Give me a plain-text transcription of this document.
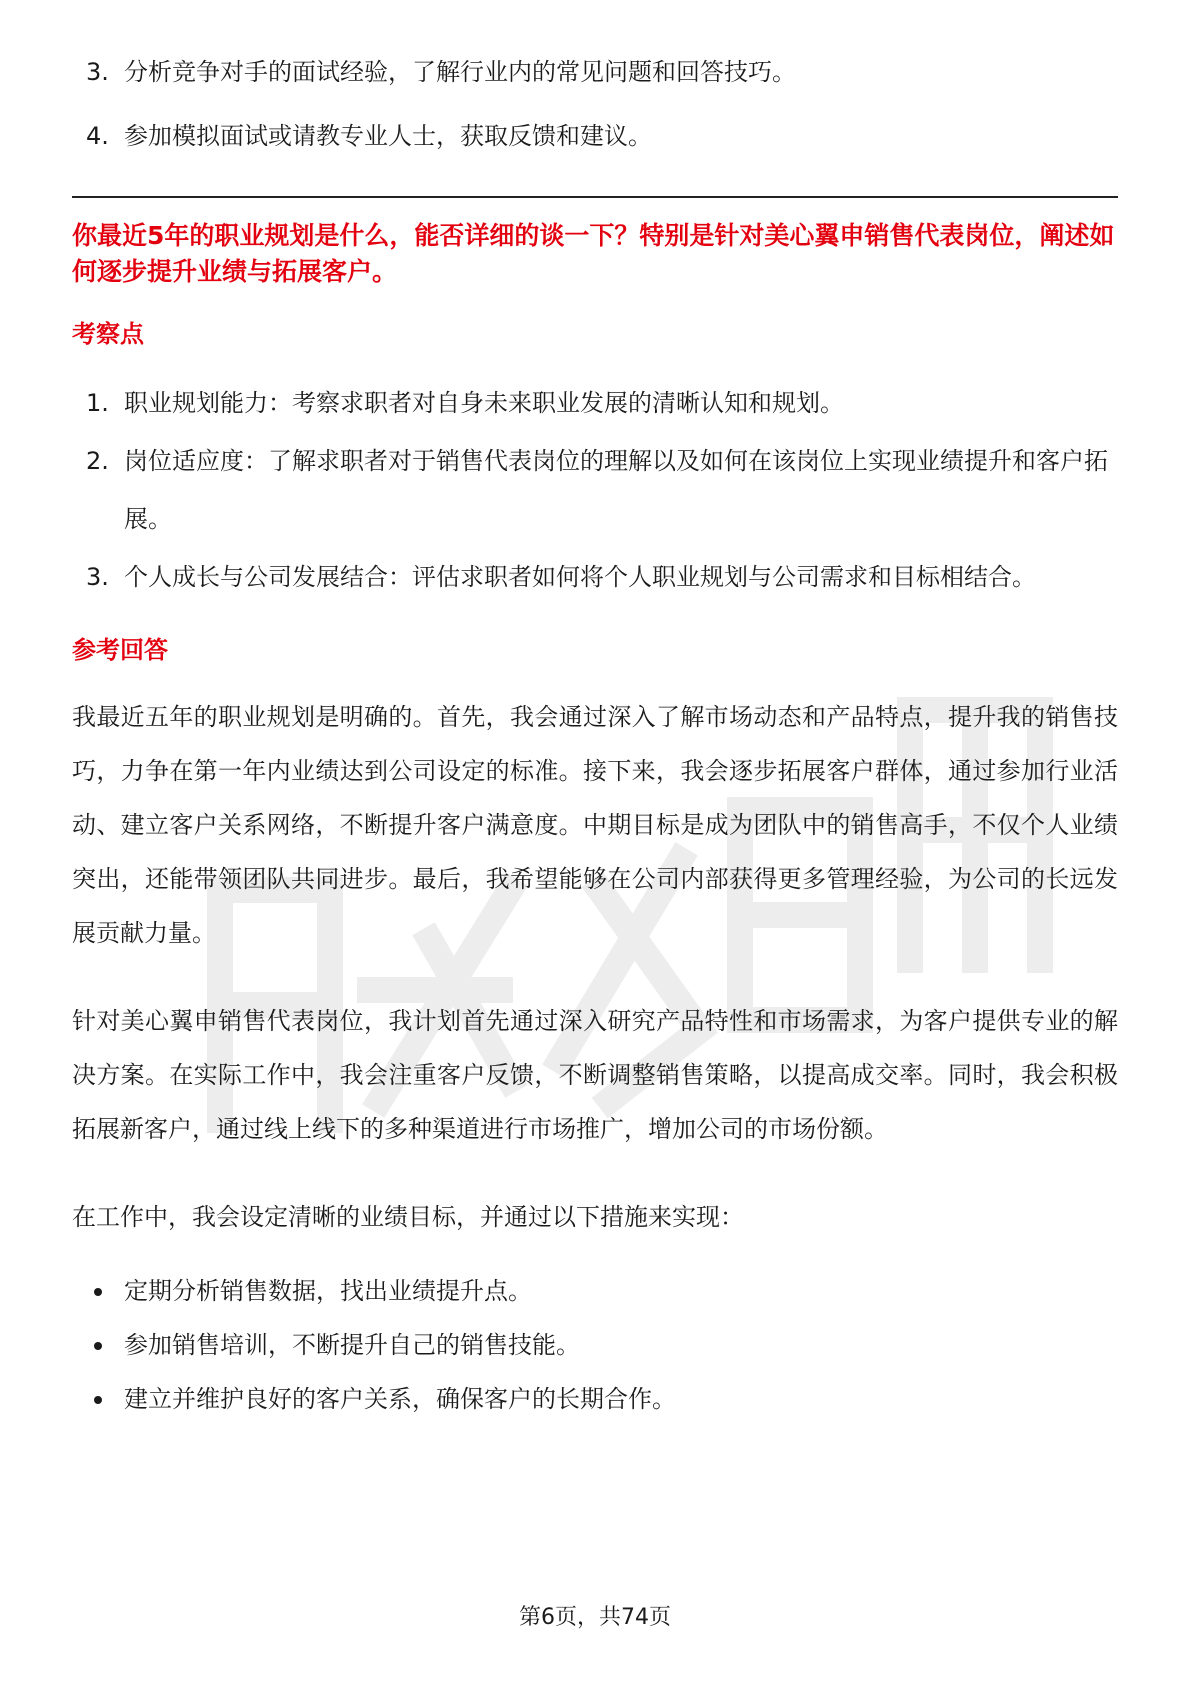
3. 分析竞争对手的面试经验，了解行业内的常见问题和回答技巧。
4. 参加模拟面试或请教专业人士，获取反馈和建议。

你最近5年的职业规划是什么，能否详细的谈一下？特别是针对美心翼申销售代表岗位，阐述如何逐步提升业绩与拓展客户。

考察点
1. 职业规划能力：考察求职者对自身未来职业发展的清晰认知和规划。
2. 岗位适应度：了解求职者对于销售代表岗位的理解以及如何在该岗位上实现业绩提升和客户拓展。
3. 个人成长与公司发展结合：评估求职者如何将个人职业规划与公司需求和目标相结合。
参考回答

我最近五年的职业规划是明确的。首先，我会通过深入了解市场动态和产品特点，提升我的销售技巧，力争在第一年内业绩达到公司设定的标准。接下来，我会逐步拓展客户群体，通过参加行业活动、建立客户关系网络，不断提升客户满意度。中期目标是成为团队中的销售高手，不仅个人业绩突出，还能带领团队共同进步。最后，我希望能够在公司内部获得更多管理经验，为公司的长远发展贡献力量。

针对美心翼申销售代表岗位，我计划首先通过深入研究产品特性和市场需求，为客户提供专业的解决方案。在实际工作中，我会注重客户反馈，不断调整销售策略，以提高成交率。同时，我会积极拓展新客户，通过线上线下的多种渠道进行市场推广，增加公司的市场份额。

在工作中，我会设定清晰的业绩目标，并通过以下措施来实现：

定期分析销售数据，找出业绩提升点。
参加销售培训，不断提升自己的销售技能。
建立并维护良好的客户关系，确保客户的长期合作。
第6页，共74页
